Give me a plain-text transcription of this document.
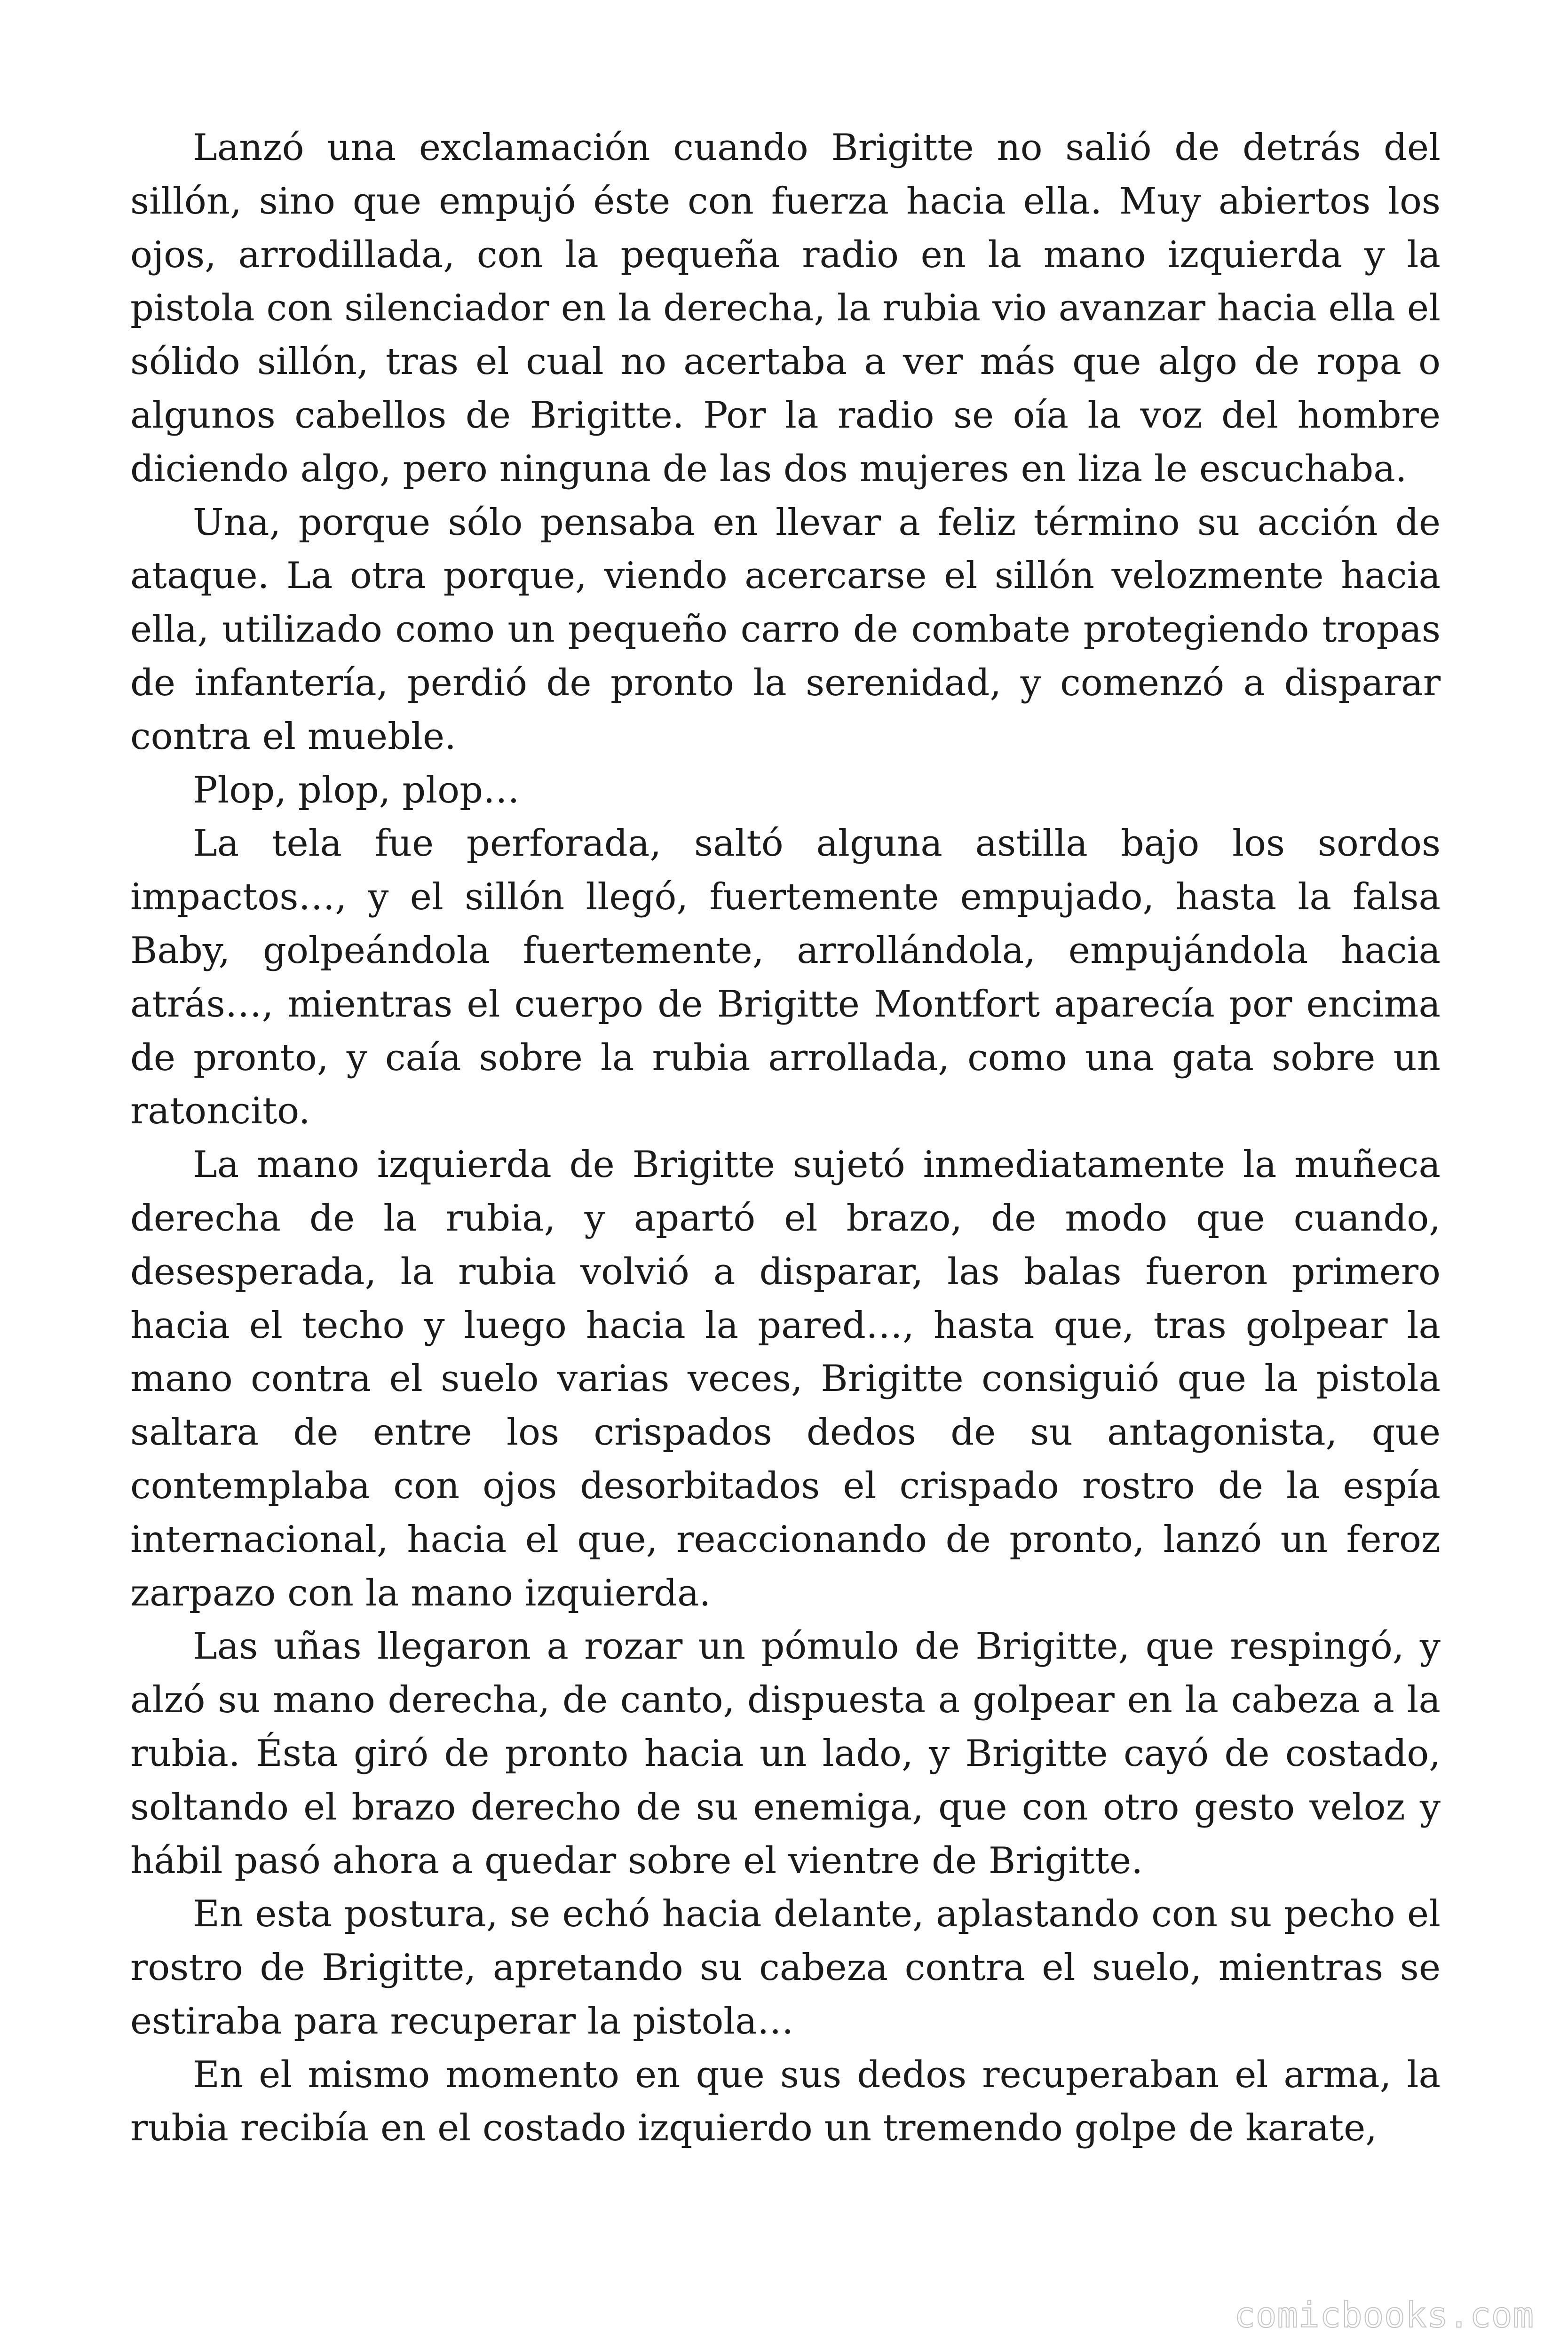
Lanzó una exclamación cuando Brigitte no salió de detrás del sillón, sino que empujó éste con fuerza hacia ella. Muy abiertos los ojos, arrodillada, con la pequeña radio en la mano izquierda y la pistola con silenciador en la derecha, la rubia vio avanzar hacia ella el sólido sillón, tras el cual no acertaba a ver más que algo de ropa o algunos cabellos de Brigitte. Por la radio se oía la voz del hombre diciendo algo, pero ninguna de las dos mujeres en liza le escuchaba.

Una, porque sólo pensaba en llevar a feliz término su acción de ataque. La otra porque, viendo acercarse el sillón velozmente hacia ella, utilizado como un pequeño carro de combate protegiendo tropas de infantería, perdió de pronto la serenidad, y comenzó a disparar contra el mueble.

Plop, plop, plop…

La tela fue perforada, saltó alguna astilla bajo los sordos impactos…, y el sillón llegó, fuertemente empujado, hasta la falsa Baby, golpeándola fuertemente, arrollándola, empujándola hacia atrás…, mientras el cuerpo de Brigitte Montfort aparecía por encima de pronto, y caía sobre la rubia arrollada, como una gata sobre un ratoncito.

La mano izquierda de Brigitte sujetó inmediatamente la muñeca derecha de la rubia, y apartó el brazo, de modo que cuando, desesperada, la rubia volvió a disparar, las balas fueron primero hacia el techo y luego hacia la pared…, hasta que, tras golpear la mano contra el suelo varias veces, Brigitte consiguió que la pistola saltara de entre los crispados dedos de su antagonista, que contemplaba con ojos desorbitados el crispado rostro de la espía internacional, hacia el que, reaccionando de pronto, lanzó un feroz zarpazo con la mano izquierda.

Las uñas llegaron a rozar un pómulo de Brigitte, que respingó, y alzó su mano derecha, de canto, dispuesta a golpear en la cabeza a la rubia. Ésta giró de pronto hacia un lado, y Brigitte cayó de costado, soltando el brazo derecho de su enemiga, que con otro gesto veloz y hábil pasó ahora a quedar sobre el vientre de Brigitte.

En esta postura, se echó hacia delante, aplastando con su pecho el rostro de Brigitte, apretando su cabeza contra el suelo, mientras se estiraba para recuperar la pistola…

En el mismo momento en que sus dedos recuperaban el arma, la rubia recibía en el costado izquierdo un tremendo golpe de karate,

comicbooks.com
